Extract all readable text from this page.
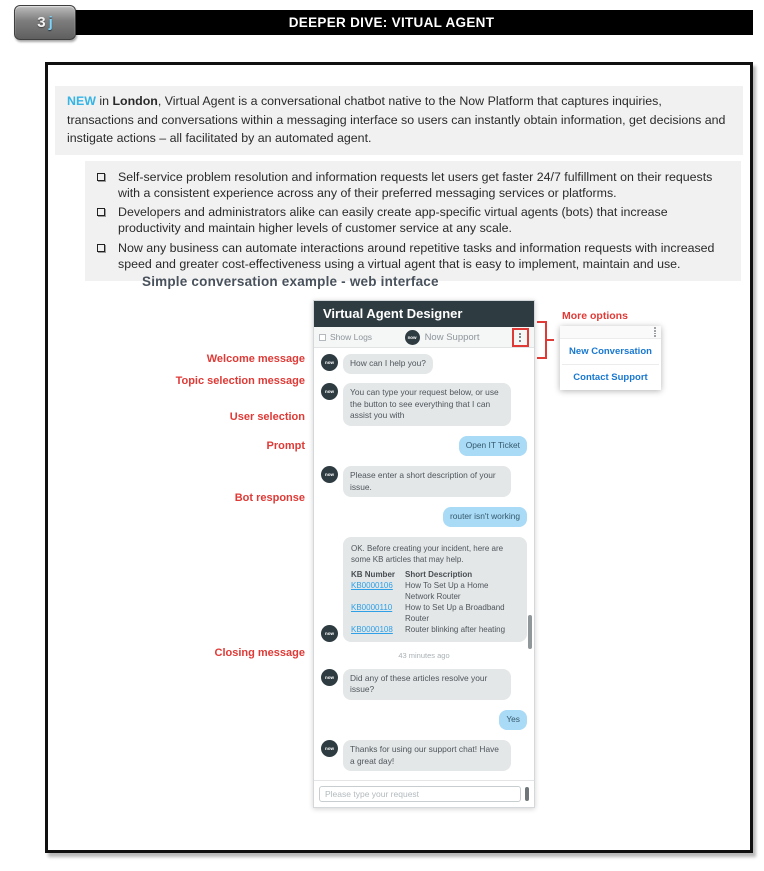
DEEPER DIVE: VITUAL AGENT
3 j
NEW in London, Virtual Agent is a conversational chatbot native to the Now Platform that captures inquiries, transactions and conversations within a messaging interface so users can instantly obtain information, get decisions and instigate actions – all facilitated by an automated agent.
Self-service problem resolution and information requests let users get faster 24/7 fulfillment on their requests with a consistent experience across any of their preferred messaging services or platforms.
Developers and administrators alike can easily create app-specific virtual agents (bots) that increase productivity and maintain higher levels of customer service at any scale.
Now any business can automate interactions around repetitive tasks and information requests with increased speed and greater cost-effectiveness using a virtual agent that is easy to implement, maintain and use.
Simple conversation example - web interface
Welcome message
Topic selection message
User selection
Prompt
Bot response
Closing message
Virtual Agent Designer
Show Logs	now Now Support
now	How can I help you?
now	You can type your request below, or use the button to see everything that I can assist you with
Open IT Ticket
now	Please enter a short description of your issue.
router isn't working
now
OK. Before creating your incident, here are some KB articles that may help.
KB Number	Short Description
KB0000106	How To Set Up a Home Network Router
KB0000110	How to Set Up a Broadband Router
KB0000108	Router blinking after heating
43 minutes ago
now	Did any of these articles resolve your issue?
Yes
now	Thanks for using our support chat! Have a great day!
Please type your request
More options
New Conversation
Contact Support
